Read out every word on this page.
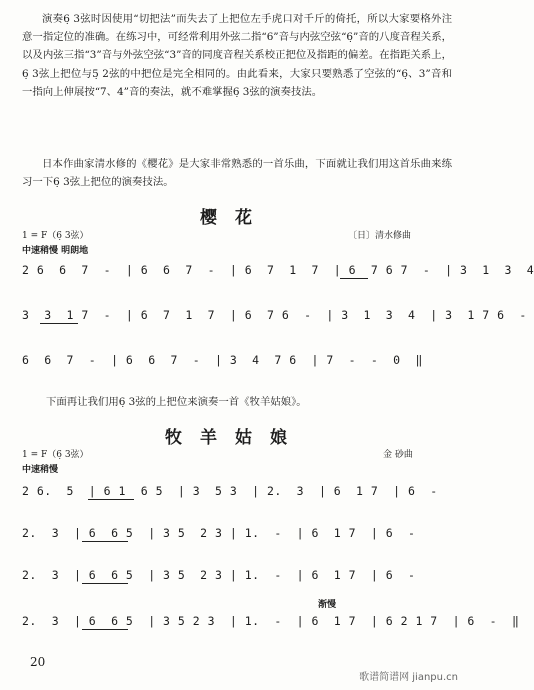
演奏6̣ 3弦时因使用“切把法”而失去了上把位左手虎口对千斤的倚托，所以大家要格外注意一指定位的准确。在练习中，可经常利用外弦二指“6”音与内弦空弦“6̣”音的八度音程关系，以及内弦三指“3”音与外弦空弦“3”音的同度音程关系校正把位及指距的偏差。在指距关系上，6̣ 3弦上把位与5̣ 2弦的中把位是完全相同的。由此看来，大家只要熟悉了空弦的“6̣、3”音和一指向上伸展按“7̇、4”音的奏法，就不难掌握6̣ 3弦的演奏技法。

日本作曲家清水修的《樱花》是大家非常熟悉的一首乐曲，下面就让我们用这首乐曲来练习一下6̣ 3弦上把位的演奏技法。

樱花
1 = F（6̣ 3弦）	〔日〕清水修曲
中速稍慢 明朗地
2 6  6  7  -  | 6  6  7  -  | 6  7  1  7  | 6  7 6 7  -  | 3  1  3  4
3  3  1 7  -  | 6  7  1  7  | 6  7 6  -  | 3  1  3  4  | 3  1 7 6  -
6  6  7  -  | 6  6  7  -  | 3  4  7 6  | 7  -  -  0  ‖
下面再让我们用6̣ 3弦的上把位来演奏一首《牧羊姑娘》。
牧羊姑娘
1 = F（6̣ 3弦）	金 砂曲
中速稍慢
2 6.  5  | 6 1  6 5  | 3  5 3  | 2.  3  | 6  1 7  | 6  -
2.  3  | 6  6 5  | 3 5  2 3 | 1.  -  | 6  1 7  | 6  -
2.  3  | 6  6 5  | 3 5  2 3 | 1.  -  | 6  1 7  | 6  -
渐慢
2.  3  | 6  6 5  | 3 5 2 3  | 1.  -  | 6  1 7  | 6 2 1 7  | 6  -  ‖
20
歌谱简谱网 jianpu.cn
